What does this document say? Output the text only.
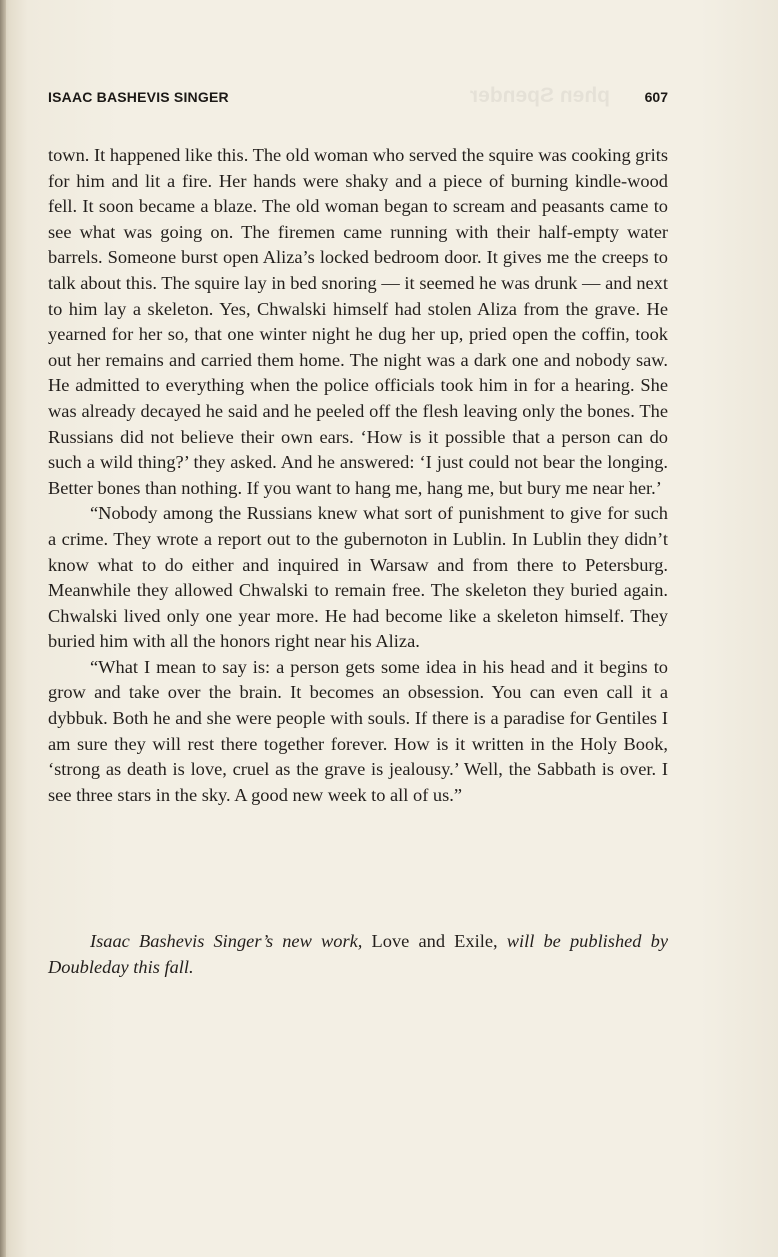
phen Spender
ISAAC BASHEVIS SINGER	607

town. It happened like this. The old woman who served the squire was cooking grits for him and lit a fire. Her hands were shaky and a piece of burning kindle-wood fell. It soon became a blaze. The old woman began to scream and peasants came to see what was going on. The firemen came running with their half-empty water barrels. Someone burst open Aliza’s locked bedroom door. It gives me the creeps to talk about this. The squire lay in bed snoring — it seemed he was drunk — and next to him lay a skeleton. Yes, Chwalski himself had stolen Aliza from the grave. He yearned for her so, that one winter night he dug her up, pried open the coffin, took out her remains and carried them home. The night was a dark one and nobody saw. He admitted to everything when the police officials took him in for a hearing. She was already decayed he said and he peeled off the flesh leaving only the bones. The Russians did not believe their own ears. ‘How is it possible that a person can do such a wild thing?’ they asked. And he answered: ‘I just could not bear the longing. Better bones than nothing. If you want to hang me, hang me, but bury me near her.’

“Nobody among the Russians knew what sort of punishment to give for such a crime. They wrote a report out to the gubernoton in Lublin. In Lublin they didn’t know what to do either and inquired in Warsaw and from there to Petersburg. Meanwhile they allowed Chwalski to remain free. The skeleton they buried again. Chwalski lived only one year more. He had become like a skeleton himself. They buried him with all the honors right near his Aliza.

“What I mean to say is: a person gets some idea in his head and it begins to grow and take over the brain. It becomes an obsession. You can even call it a dybbuk. Both he and she were people with souls. If there is a paradise for Gentiles I am sure they will rest there together forever. How is it written in the Holy Book, ‘strong as death is love, cruel as the grave is jealousy.’ Well, the Sabbath is over. I see three stars in the sky. A good new week to all of us.”

Isaac Bashevis Singer’s new work, Love and Exile, will be published by Doubleday this fall.
